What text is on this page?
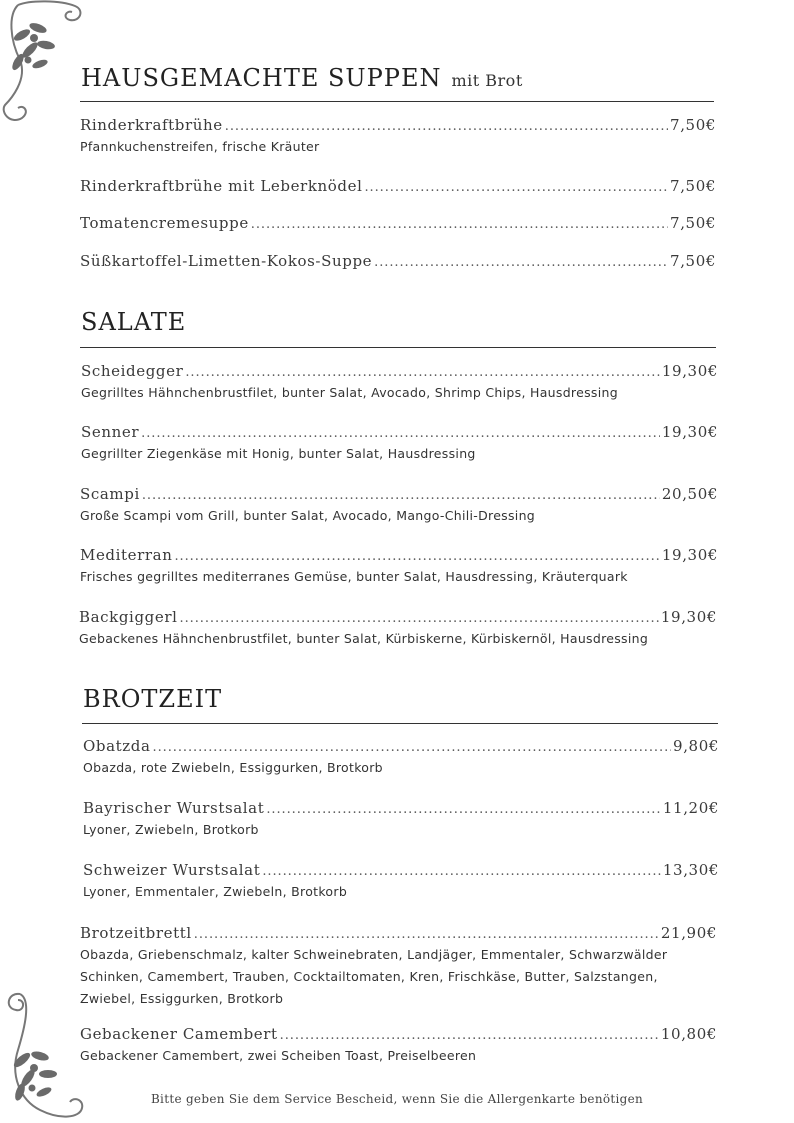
HAUSGEMACHTE SUPPEN mit Brot
Rinderkraftbrühe . . .	7,50€
Pfannkuchenstreifen, frische Kräuter
Rinderkraftbrühe mit Leberknödel . . .	7,50€
Tomatencremesuppe . . .	7,50€
Süßkartoffel-Limetten-Kokos-Suppe . . .	7,50€
SALATE
Scheidegger . . .	19,30€
Gegrilltes Hähnchenbrustfilet, bunter Salat, Avocado, Shrimp Chips, Hausdressing
Senner . . .	19,30€
Gegrillter Ziegenkäse mit Honig, bunter Salat, Hausdressing
Scampi . . .	20,50€
Große Scampi vom Grill, bunter Salat, Avocado, Mango-Chili-Dressing
Mediterran . . .	19,30€
Frisches gegrilltes mediterranes Gemüse, bunter Salat, Hausdressing, Kräuterquark
Backgiggerl . . .	19,30€
Gebackenes Hähnchenbrustfilet, bunter Salat, Kürbiskerne, Kürbiskernöl, Hausdressing
BROTZEIT
Obatzda . . .	9,80€
Obazda, rote Zwiebeln, Essiggurken, Brotkorb
Bayrischer Wurstsalat . . .	11,20€
Lyoner, Zwiebeln, Brotkorb
Schweizer Wurstsalat . . .	13,30€
Lyoner, Emmentaler, Zwiebeln, Brotkorb
Brotzeitbrettl . . .	21,90€
Obazda, Griebenschmalz, kalter Schweinebraten, Landjäger, Emmentaler, Schwarzwälder Schinken, Camembert, Trauben, Cocktailtomaten, Kren, Frischkäse, Butter, Salzstangen, Zwiebel, Essiggurken, Brotkorb
Gebackener Camembert . . .	10,80€
Gebackener Camembert, zwei Scheiben Toast, Preiselbeeren
Bitte geben Sie dem Service Bescheid, wenn Sie die Allergenkarte benötigen
